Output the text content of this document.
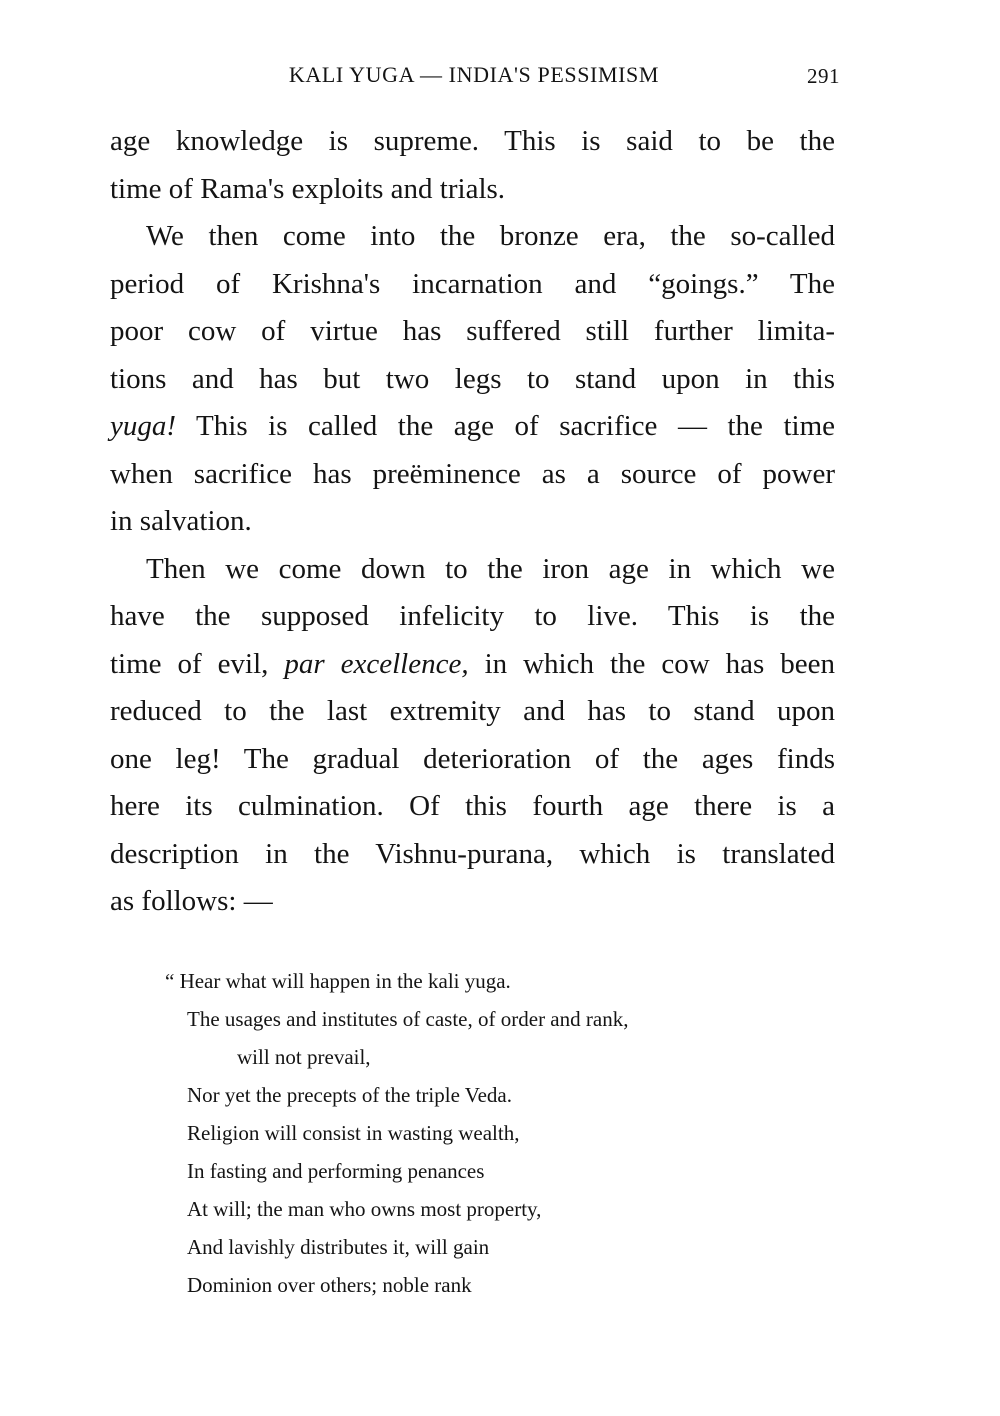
KALI YUGA — INDIA'S PESSIMISM	291

age knowledge is supreme. This is said to be the
time of Rama's exploits and trials.

We then come into the bronze era, the so-called
period of Krishna's incarnation and “goings.” The
poor cow of virtue has suffered still further limita-
tions and has but two legs to stand upon in this
yuga! This is called the age of sacrifice — the time
when sacrifice has preëminence as a source of power
in salvation.

Then we come down to the iron age in which we
have the supposed infelicity to live. This is the
time of evil, par excellence, in which the cow has been
reduced to the last extremity and has to stand upon
one leg! The gradual deterioration of the ages finds
here its culmination. Of this fourth age there is a
description in the Vishnu-purana, which is translated
as follows: —

“ Hear what will happen in the kali yuga.
The usages and institutes of caste, of order and rank,
will not prevail,
Nor yet the precepts of the triple Veda.
Religion will consist in wasting wealth,
In fasting and performing penances
At will; the man who owns most property,
And lavishly distributes it, will gain
Dominion over others; noble rank
